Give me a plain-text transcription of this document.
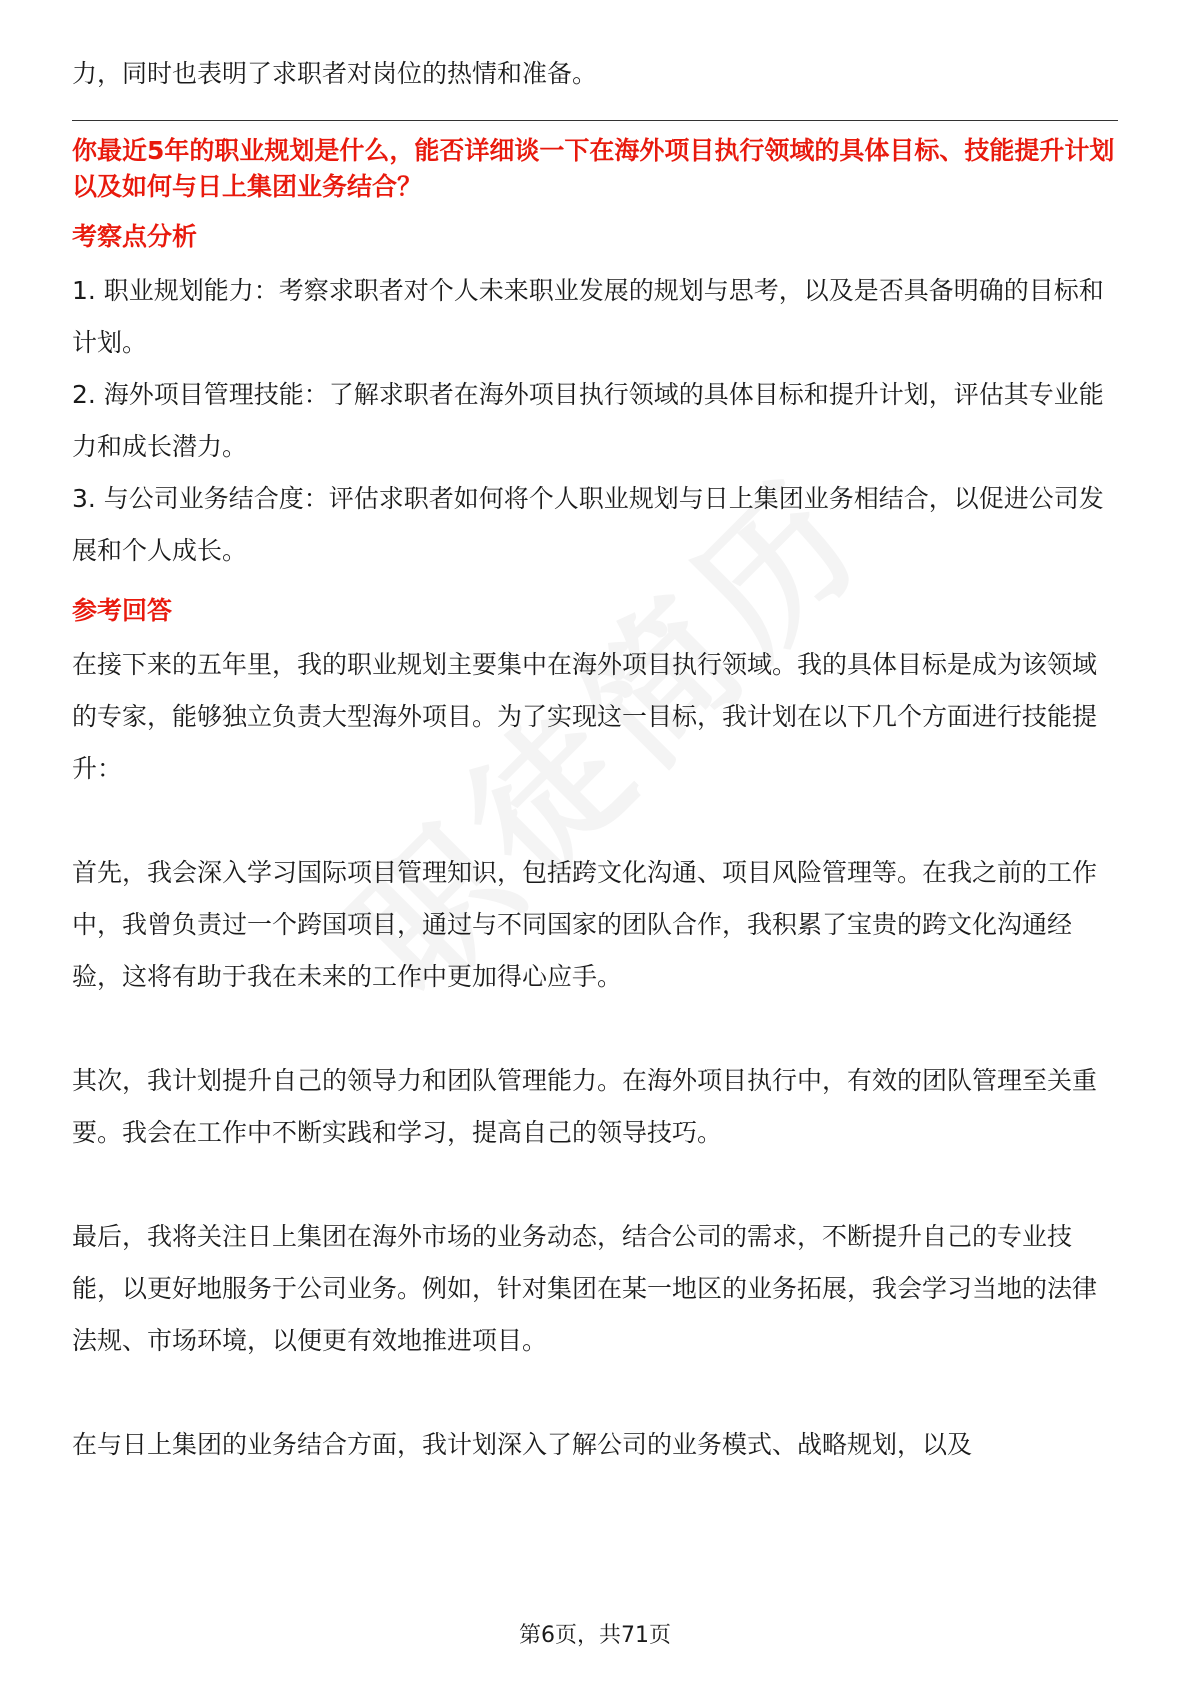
力，同时也表明了求职者对岗位的热情和准备。

你最近5年的职业规划是什么，能否详细谈一下在海外项目执行领域的具体目标、技能提升计划以及如何与日上集团业务结合？

考察点分析

1. 职业规划能力：考察求职者对个人未来职业发展的规划与思考，以及是否具备明确的目标和计划。

2. 海外项目管理技能：了解求职者在海外项目执行领域的具体目标和提升计划，评估其专业能力和成长潜力。

3. 与公司业务结合度：评估求职者如何将个人职业规划与日上集团业务相结合，以促进公司发展和个人成长。

参考回答

在接下来的五年里，我的职业规划主要集中在海外项目执行领域。我的具体目标是成为该领域的专家，能够独立负责大型海外项目。为了实现这一目标，我计划在以下几个方面进行技能提升：

首先，我会深入学习国际项目管理知识，包括跨文化沟通、项目风险管理等。在我之前的工作中，我曾负责过一个跨国项目，通过与不同国家的团队合作，我积累了宝贵的跨文化沟通经验，这将有助于我在未来的工作中更加得心应手。

其次，我计划提升自己的领导力和团队管理能力。在海外项目执行中，有效的团队管理至关重要。我会在工作中不断实践和学习，提高自己的领导技巧。

最后，我将关注日上集团在海外市场的业务动态，结合公司的需求，不断提升自己的专业技能，以更好地服务于公司业务。例如，针对集团在某一地区的业务拓展，我会学习当地的法律法规、市场环境，以便更有效地推进项目。

在与日上集团的业务结合方面，我计划深入了解公司的业务模式、战略规划，以及

第6页，共71页
